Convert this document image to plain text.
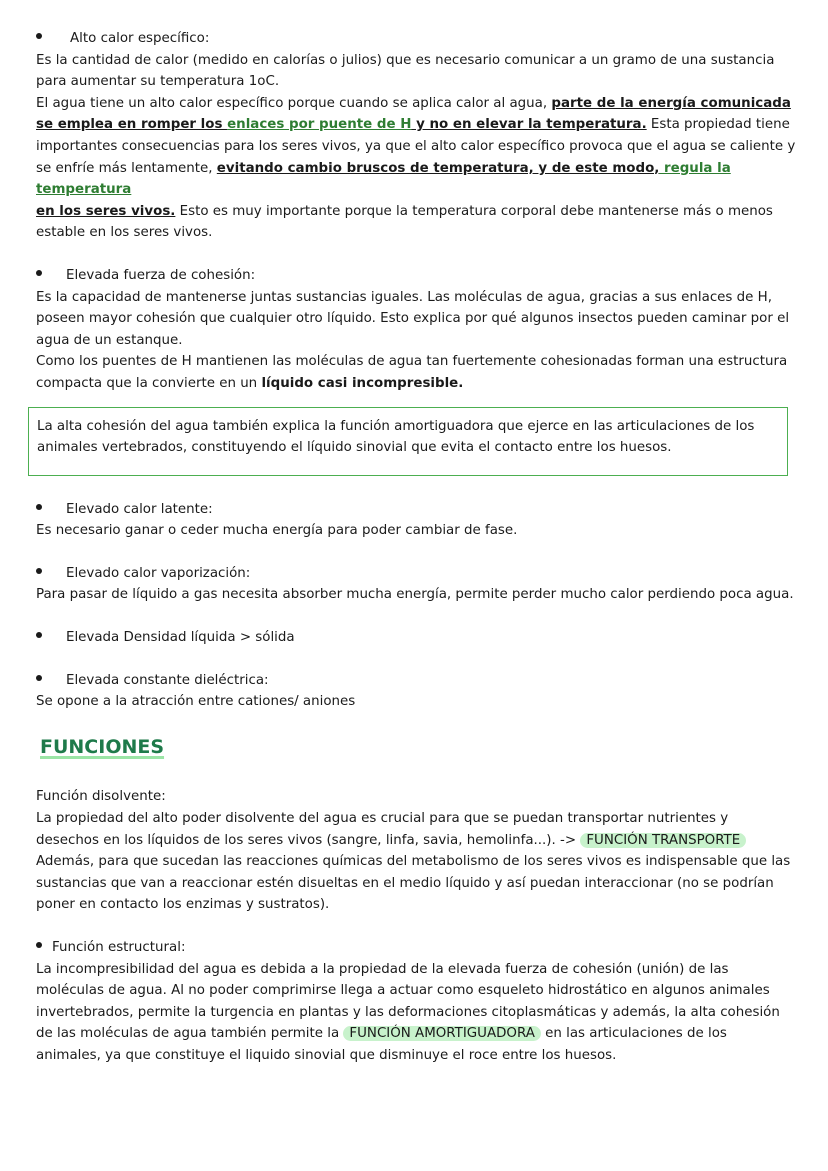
Alto calor específico:

Es la cantidad de calor (medido en calorías o julios) que es necesario comunicar a un gramo de una sustancia

para aumentar su temperatura 1oC.

El agua tiene un alto calor específico porque cuando se aplica calor al agua, parte de la energía comunicada

se emplea en romper los enlaces por puente de H y no en elevar la temperatura. Esta propiedad tiene

importantes consecuencias para los seres vivos, ya que el alto calor específico provoca que el agua se caliente y

se enfríe más lentamente, evitando cambio bruscos de temperatura, y de este modo, regula la temperatura

en los seres vivos. Esto es muy importante porque la temperatura corporal debe mantenerse más o menos

estable en los seres vivos.

Elevada fuerza de cohesión:

Es la capacidad de mantenerse juntas sustancias iguales. Las moléculas de agua, gracias a sus enlaces de H,

poseen mayor cohesión que cualquier otro líquido. Esto explica por qué algunos insectos pueden caminar por el

agua de un estanque.

Como los puentes de H mantienen las moléculas de agua tan fuertemente cohesionadas forman una estructura

compacta que la convierte en un líquido casi incompresible.

La alta cohesión del agua también explica la función amortiguadora que ejerce en las articulaciones de los

animales vertebrados, constituyendo el líquido sinovial que evita el contacto entre los huesos.

Elevado calor latente:

Es necesario ganar o ceder mucha energía para poder cambiar de fase.

Elevado calor vaporización:

Para pasar de líquido a gas necesita absorber mucha energía, permite perder mucho calor perdiendo poca agua.

Elevada Densidad líquida > sólida

Elevada constante dieléctrica:

Se opone a la atracción entre cationes/ aniones

FUNCIONES

Función disolvente:

La propiedad del alto poder disolvente del agua es crucial para que se puedan transportar nutrientes y

desechos en los líquidos de los seres vivos (sangre, linfa, savia, hemolinfa...). -> FUNCIÓN TRANSPORTE

Además, para que sucedan las reacciones químicas del metabolismo de los seres vivos es indispensable que las

sustancias que van a reaccionar estén disueltas en el medio líquido y así puedan interaccionar (no se podrían

poner en contacto los enzimas y sustratos).

Función estructural:

La incompresibilidad del agua es debida a la propiedad de la elevada fuerza de cohesión (unión) de las

moléculas de agua. Al no poder comprimirse llega a actuar como esqueleto hidrostático en algunos animales

invertebrados, permite la turgencia en plantas y las deformaciones citoplasmáticas y además, la alta cohesión

de las moléculas de agua también permite la FUNCIÓN AMORTIGUADORA en las articulaciones de los

animales, ya que constituye el liquido sinovial que disminuye el roce entre los huesos.
